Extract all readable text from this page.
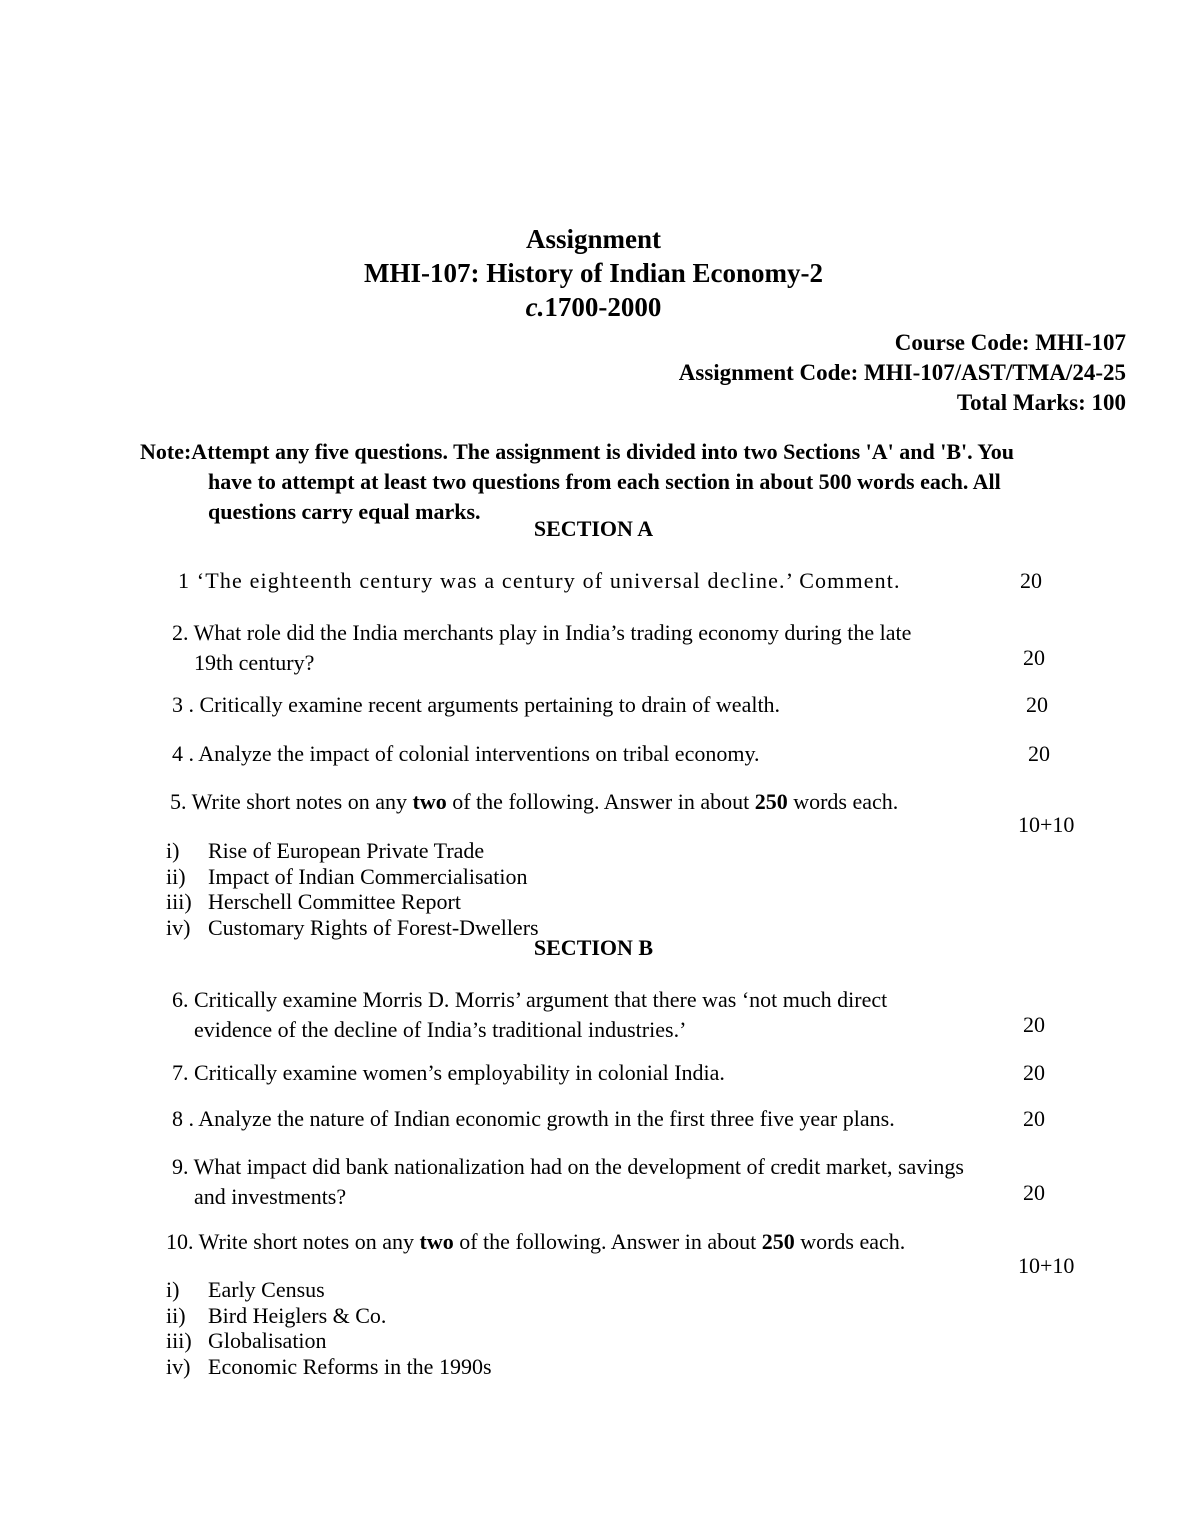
Assignment
MHI-107: History of Indian Economy-2
c.1700-2000
Course Code: MHI-107
Assignment Code: MHI-107/AST/TMA/24-25
Total Marks: 100
Note:Attempt any five questions. The assignment is divided into two Sections 'A' and 'B'. You
have to attempt at least two questions from each section in about 500 words each. All
questions carry equal marks.
SECTION A
1 ‘The eighteenth century was a century of universal decline.’ Comment.	20
2. What role did the India merchants play in India’s trading economy during the late
19th century?	20
3 . Critically examine recent arguments pertaining to drain of wealth.	20
4 . Analyze the impact of colonial interventions on tribal economy.	20
5. Write short notes on any two of the following. Answer in about 250 words each.
10+10
i) Rise of European Private Trade
ii) Impact of Indian Commercialisation
iii) Herschell Committee Report
iv) Customary Rights of Forest-Dwellers
SECTION B
6. Critically examine Morris D. Morris’ argument that there was ‘not much direct
evidence of the decline of India’s traditional industries.’	20
7. Critically examine women’s employability in colonial India.	20
8 . Analyze the nature of Indian economic growth in the first three five year plans.	20
9. What impact did bank nationalization had on the development of credit market, savings
and investments?	20
10. Write short notes on any two of the following. Answer in about 250 words each.
10+10
i) Early Census
ii) Bird Heiglers & Co.
iii) Globalisation
iv) Economic Reforms in the 1990s
